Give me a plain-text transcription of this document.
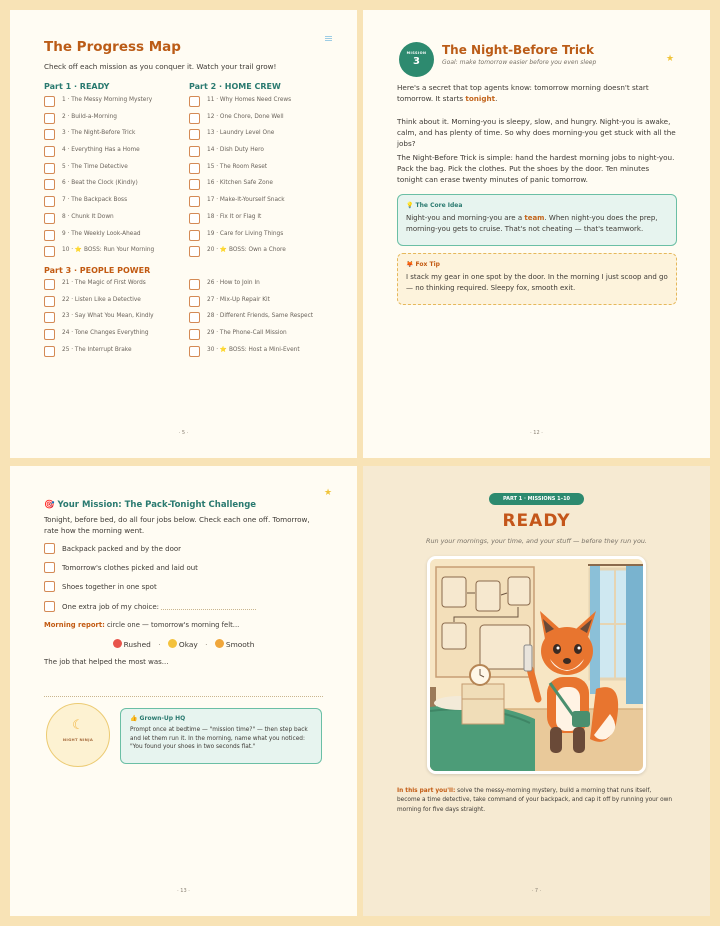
The Progress Map
Check off each mission as you conquer it. Watch your trail grow!
Part 1 · READY	Part 2 · HOME CREW
Part 3 · PEOPLE POWER
1 · The Messy Morning Mystery
2 · Build-a-Morning
3 · The Night-Before Trick
4 · Everything Has a Home
5 · The Time Detective
6 · Beat the Clock (Kindly)
7 · The Backpack Boss
8 · Chunk It Down
9 · The Weekly Look-Ahead
10 · ⭐ BOSS: Run Your Morning
11 · Why Homes Need Crews
12 · One Chore, Done Well
13 · Laundry Level One
14 · Dish Duty Hero
15 · The Room Reset
16 · Kitchen Safe Zone
17 · Make-It-Yourself Snack
18 · Fix It or Flag It
19 · Care for Living Things
20 · ⭐ BOSS: Own a Chore
21 · The Magic of First Words
22 · Listen Like a Detective
23 · Say What You Mean, Kindly
24 · Tone Changes Everything
25 · The Interrupt Brake
26 · How to Join In
27 · Mix-Up Repair Kit
28 · Different Friends, Same Respect
29 · The Phone-Call Mission
30 · ⭐ BOSS: Host a Mini-Event
· 5 ·
MISSION
3
The Night-Before Trick
Goal: make tomorrow easier before you even sleep	★
Here's a secret that top agents know: tomorrow morning doesn't start tomorrow. It starts tonight.
Think about it. Morning-you is sleepy, slow, and hungry. Night-you is awake, calm, and has plenty of time. So why does morning-you get stuck with all the jobs?
The Night-Before Trick is simple: hand the hardest morning jobs to night-you. Pack the bag. Pick the clothes. Put the shoes by the door. Ten minutes tonight can erase twenty minutes of panic tomorrow.
💡 The Core Idea
Night-you and morning-you are a team. When night-you does the prep, morning-you gets to cruise. That's not cheating — that's teamwork.
🦊 Fox Tip
I stack my gear in one spot by the door. In the morning I just scoop and go — no thinking required. Sleepy fox, smooth exit.
· 12 ·
🎯 Your Mission: The Pack-Tonight Challenge
★
Tonight, before bed, do all four jobs below. Check each one off. Tomorrow, rate how the morning went.
Backpack packed and by the door
Tomorrow's clothes picked and laid out
Shoes together in one spot
One extra job of my choice:
Morning report: circle one — tomorrow's morning felt...
Rushed · Okay · Smooth
The job that helped the most was...
☾
NIGHT NINJA
👍 Grown-Up HQ
Prompt once at bedtime — "mission time?" — then step back and let them run it. In the morning, name what you noticed: "You found your shoes in two seconds flat."
· 13 ·
PART 1 · MISSIONS 1–10
READY
Run your mornings, your time, and your stuff — before they run you.
In this part you'll: solve the messy-morning mystery, build a morning that runs itself, become a time detective, take command of your backpack, and cap it off by running your own morning for five days straight.
· 7 ·
